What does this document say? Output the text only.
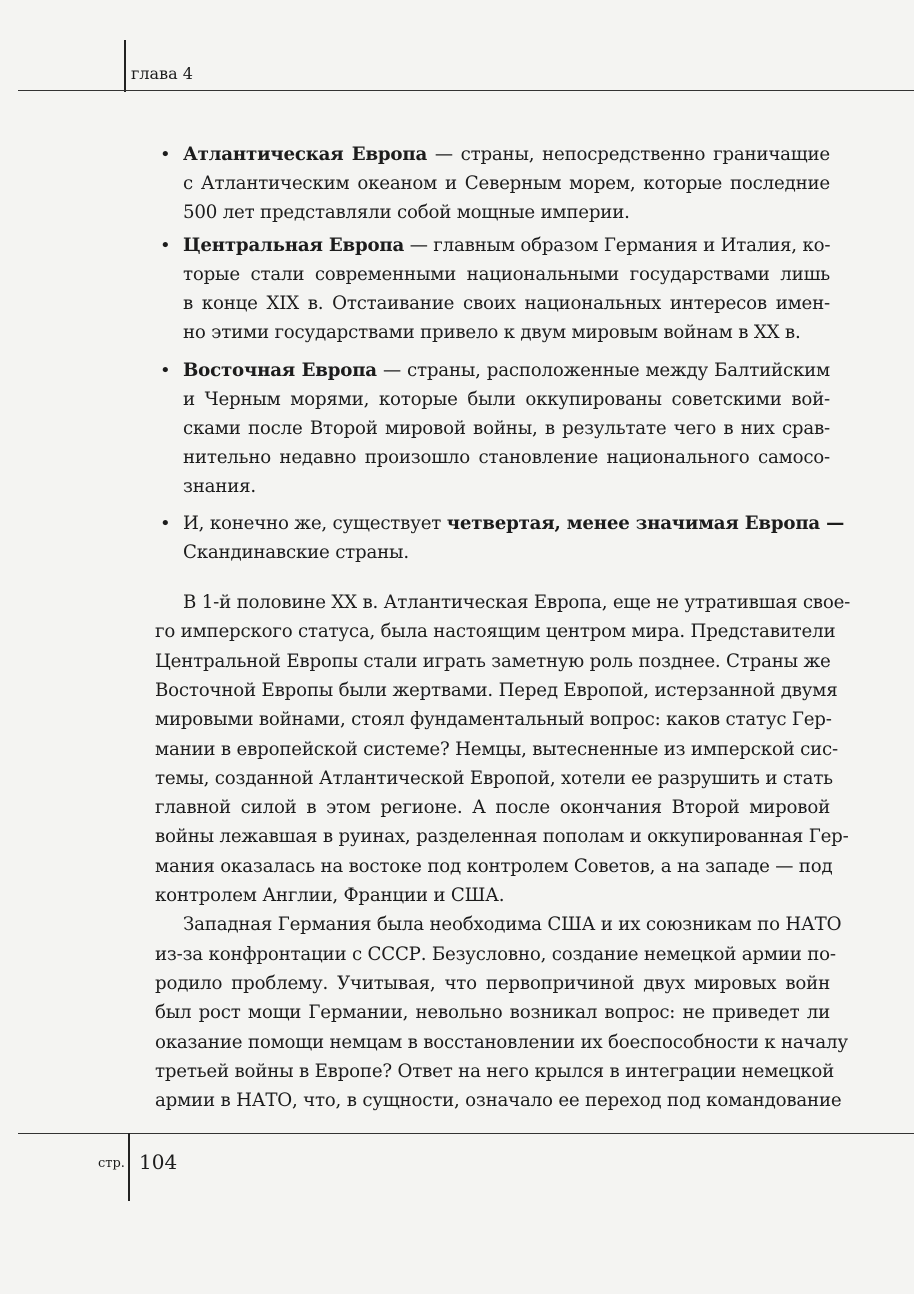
глава 4
• Атлантическая Европа — страны, непосредственно граничащие
с Атлантическим океаном и Северным морем, которые последние
500 лет представляли собой мощные империи.
• Центральная Европа — главным образом Германия и Италия, ко-
торые стали современными национальными государствами лишь
в конце XIX в. Отстаивание своих национальных интересов имен-
но этими государствами привело к двум мировым войнам в XX в.
• Восточная Европа — страны, расположенные между Балтийским
и Черным морями, которые были оккупированы советскими вой-
сками после Второй мировой войны, в результате чего в них срав-
нительно недавно произошло становление национального самосо-
знания.
• И, конечно же, существует четвертая, менее значимая Европа —
Скандинавские страны.
В 1-й половине XX в. Атлантическая Европа, еще не утратившая свое-
го имперского статуса, была настоящим центром мира. Представители
Центральной Европы стали играть заметную роль позднее. Страны же
Восточной Европы были жертвами. Перед Европой, истерзанной двумя
мировыми войнами, стоял фундаментальный вопрос: каков статус Гер-
мании в европейской системе? Немцы, вытесненные из имперской сис-
темы, созданной Атлантической Европой, хотели ее разрушить и стать
главной силой в этом регионе. А после окончания Второй мировой
войны лежавшая в руинах, разделенная пополам и оккупированная Гер-
мания оказалась на востоке под контролем Советов, а на западе — под
контролем Англии, Франции и США.
Западная Германия была необходима США и их союзникам по НАТО
из-за конфронтации с СССР. Безусловно, создание немецкой армии по-
родило проблему. Учитывая, что первопричиной двух мировых войн
был рост мощи Германии, невольно возникал вопрос: не приведет ли
оказание помощи немцам в восстановлении их боеспособности к началу
третьей войны в Европе? Ответ на него крылся в интеграции немецкой
армии в НАТО, что, в сущности, означало ее переход под командование
стр. 104
